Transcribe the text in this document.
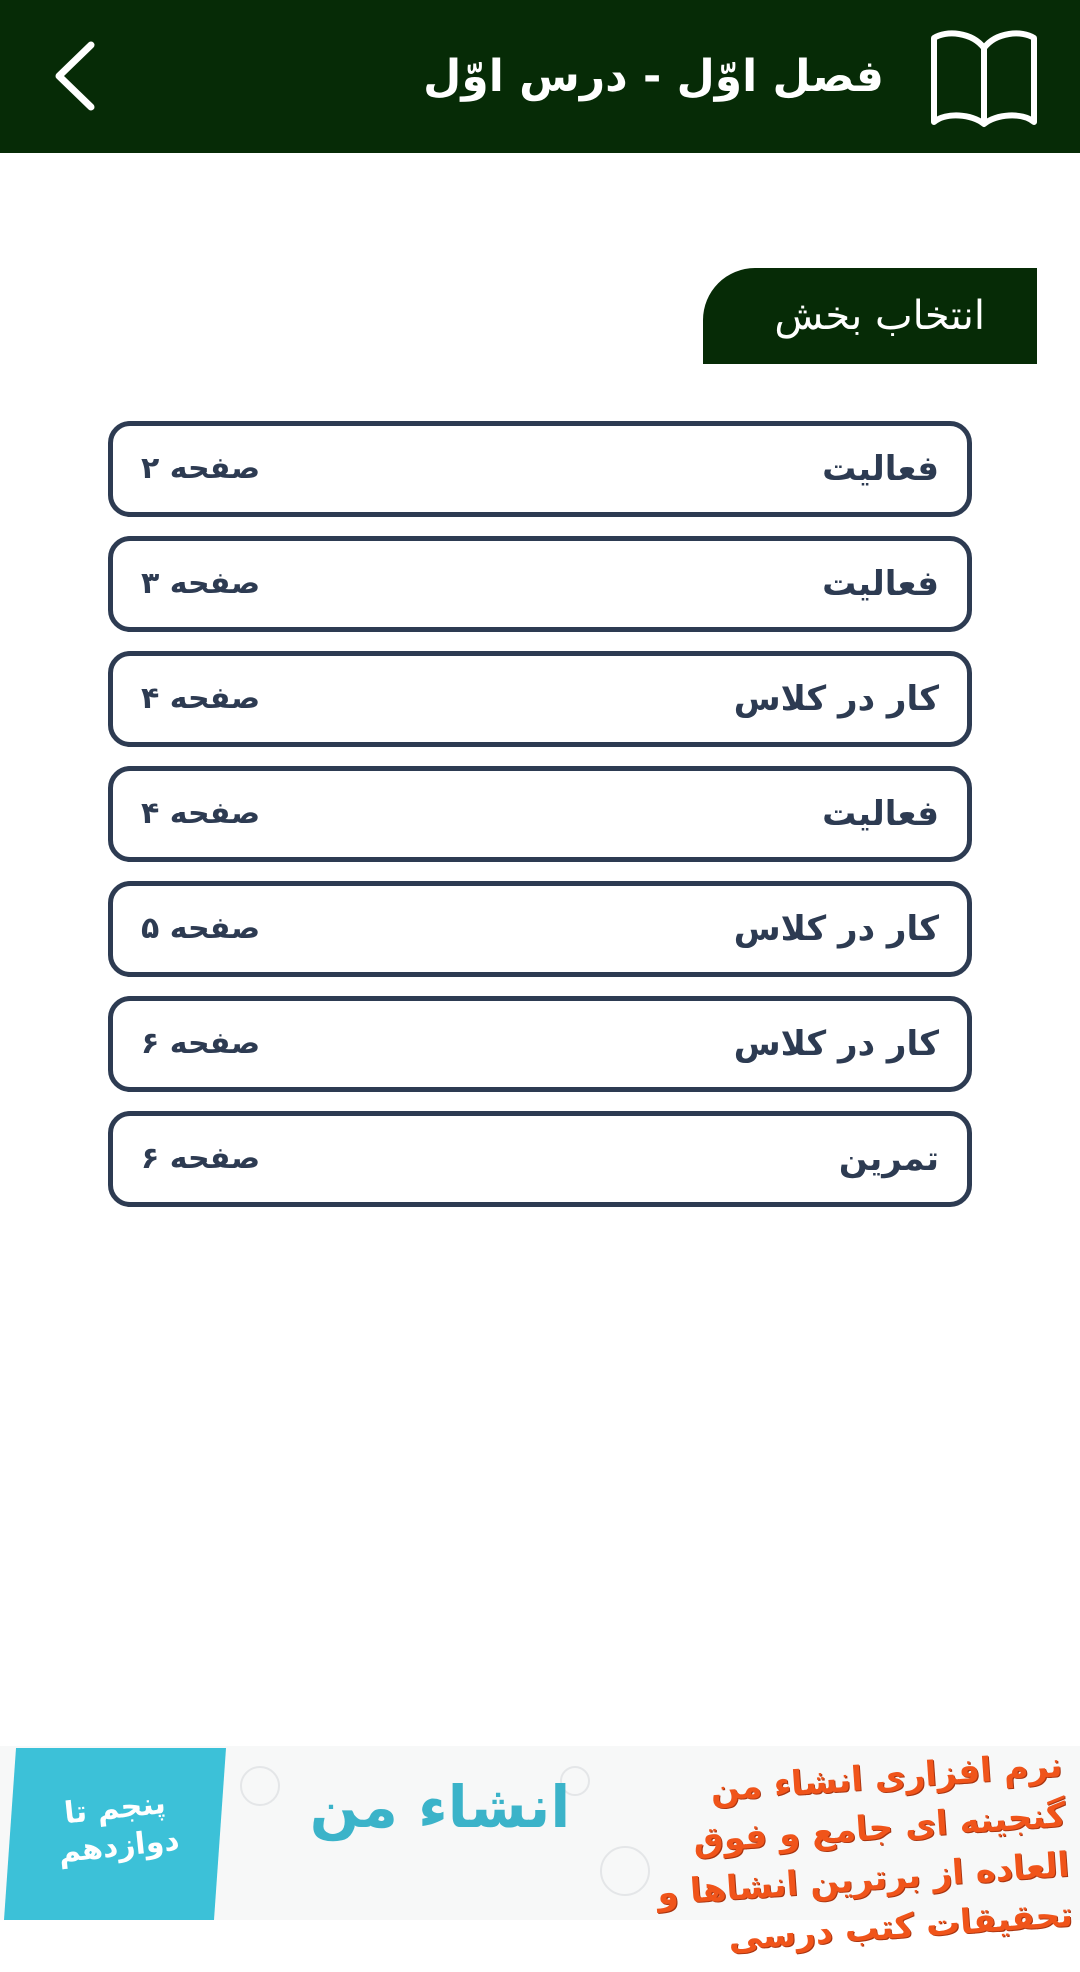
فصل اوّل - درس اوّل
انتخاب بخش
فعالیت
صفحه ۲
فعالیت
صفحه ۳
کار در کلاس
صفحه ۴
فعالیت
صفحه ۴
کار در کلاس
صفحه ۵
کار در کلاس
صفحه ۶
تمرین
صفحه ۶
پنجم تا دوازدهم
انشاء من	نرم افزاری انشاء من گنجینه ای جامع و فوق العاده از برترین انشاها و تحقیقات کتب درسی
